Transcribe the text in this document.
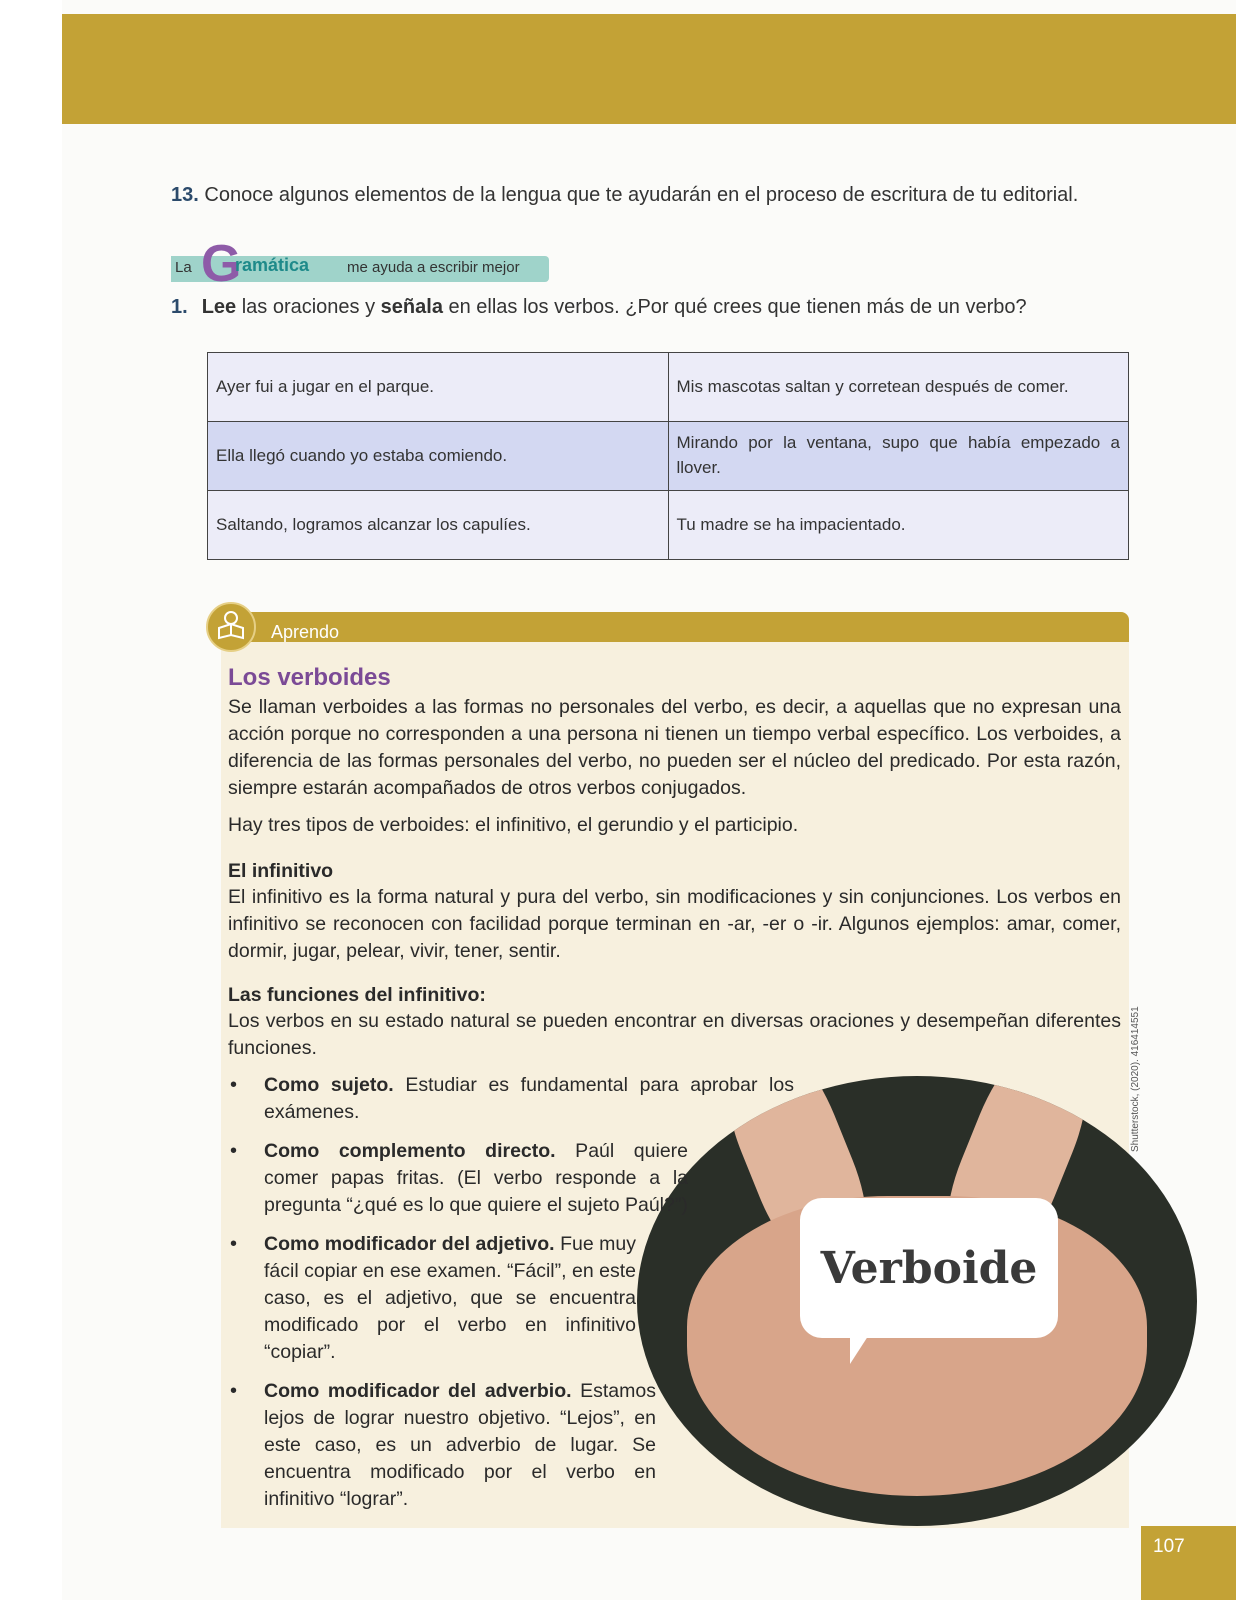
13. Conoce algunos elementos de la lengua que te ayudarán en el proceso de escritura de tu editorial.
La G
ramática	me ayuda a escribir mejor
1. Lee las oraciones y señala en ellas los verbos. ¿Por qué crees que tienen más de un verbo?
Ayer fui a jugar en el parque.	Mis mascotas saltan y corretean después de comer.
Ella llegó cuando yo estaba comiendo.	Mirando por la ventana, supo que había empezado a llover.
Saltando, logramos alcanzar los capulíes.	Tu madre se ha impacientado.
Aprendo
Los verboides
Se llaman verboides a las formas no personales del verbo, es decir, a aquellas que no expresan una acción porque no corresponden a una persona ni tienen un tiempo verbal específico. Los verboides, a diferencia de las formas personales del verbo, no pueden ser el núcleo del predicado. Por esta razón, siempre estarán acompañados de otros verbos conjugados.
Hay tres tipos de verboides: el infinitivo, el gerundio y el participio.
El infinitivo
El infinitivo es la forma natural y pura del verbo, sin modificaciones y sin conjunciones. Los verbos en infinitivo se reconocen con facilidad porque terminan en -ar, -er o -ir. Algunos ejemplos: amar, comer, dormir, jugar, pelear, vivir, tener, sentir.
Las funciones del infinitivo:
Los verbos en su estado natural se pueden encontrar en diversas oraciones y desempeñan diferentes funciones.
Verboide
Shutterstock, (2020). 416414551
• Como sujeto. Estudiar es fundamental para aprobar los exámenes.
• Como complemento directo. Paúl quiere comer papas fritas. (El verbo responde a la pregunta “¿qué es lo que quiere el sujeto Paúl?”)
• Como modificador del adjetivo. Fue muy fácil copiar en ese examen. “Fácil”, en este caso, es el adjetivo, que se encuentra modificado por el verbo en infinitivo “copiar”.
• Como modificador del adverbio. Estamos lejos de lograr nuestro objetivo. “Lejos”, en este caso, es un adverbio de lugar. Se encuentra modificado por el verbo en infinitivo “lograr”.
107
